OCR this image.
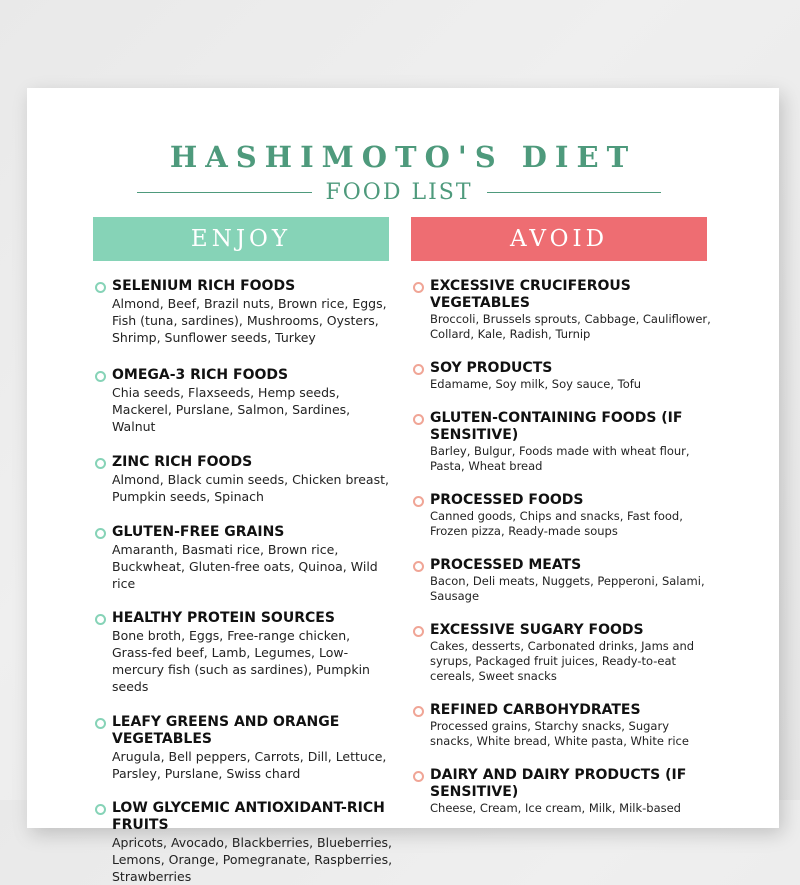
HASHIMOTO'S DIET
FOOD LIST
ENJOY	AVOID
SELENIUM RICH FOODS
Almond, Beef, Brazil nuts, Brown rice, Eggs, Fish (tuna, sardines), Mushrooms, Oysters, Shrimp, Sunflower seeds, Turkey
OMEGA-3 RICH FOODS
Chia seeds, Flaxseeds, Hemp seeds, Mackerel, Purslane, Salmon, Sardines, Walnut
ZINC RICH FOODS
Almond, Black cumin seeds, Chicken breast, Pumpkin seeds, Spinach
GLUTEN-FREE GRAINS
Amaranth, Basmati rice, Brown rice, Buckwheat, Gluten-free oats, Quinoa, Wild rice
HEALTHY PROTEIN SOURCES
Bone broth, Eggs, Free-range chicken, Grass-fed beef, Lamb, Legumes, Low-mercury fish (such as sardines), Pumpkin seeds
LEAFY GREENS AND ORANGE VEGETABLES
Arugula, Bell peppers, Carrots, Dill, Lettuce, Parsley, Purslane, Swiss chard
LOW GLYCEMIC ANTIOXIDANT-RICH FRUITS
Apricots, Avocado, Blackberries, Blueberries, Lemons, Orange, Pomegranate, Raspberries, Strawberries
EXCESSIVE CRUCIFEROUS VEGETABLES
Broccoli, Brussels sprouts, Cabbage, Cauliflower, Collard, Kale, Radish, Turnip
SOY PRODUCTS
Edamame, Soy milk, Soy sauce, Tofu
GLUTEN-CONTAINING FOODS (IF SENSITIVE)
Barley, Bulgur, Foods made with wheat flour, Pasta, Wheat bread
PROCESSED FOODS
Canned goods, Chips and snacks, Fast food, Frozen pizza, Ready-made soups
PROCESSED MEATS
Bacon, Deli meats, Nuggets, Pepperoni, Salami, Sausage
EXCESSIVE SUGARY FOODS
Cakes, desserts, Carbonated drinks, Jams and syrups, Packaged fruit juices, Ready-to-eat cereals, Sweet snacks
REFINED CARBOHYDRATES
Processed grains, Starchy snacks, Sugary snacks, White bread, White pasta, White rice
DAIRY AND DAIRY PRODUCTS (IF SENSITIVE)
Cheese, Cream, Ice cream, Milk, Milk-based
